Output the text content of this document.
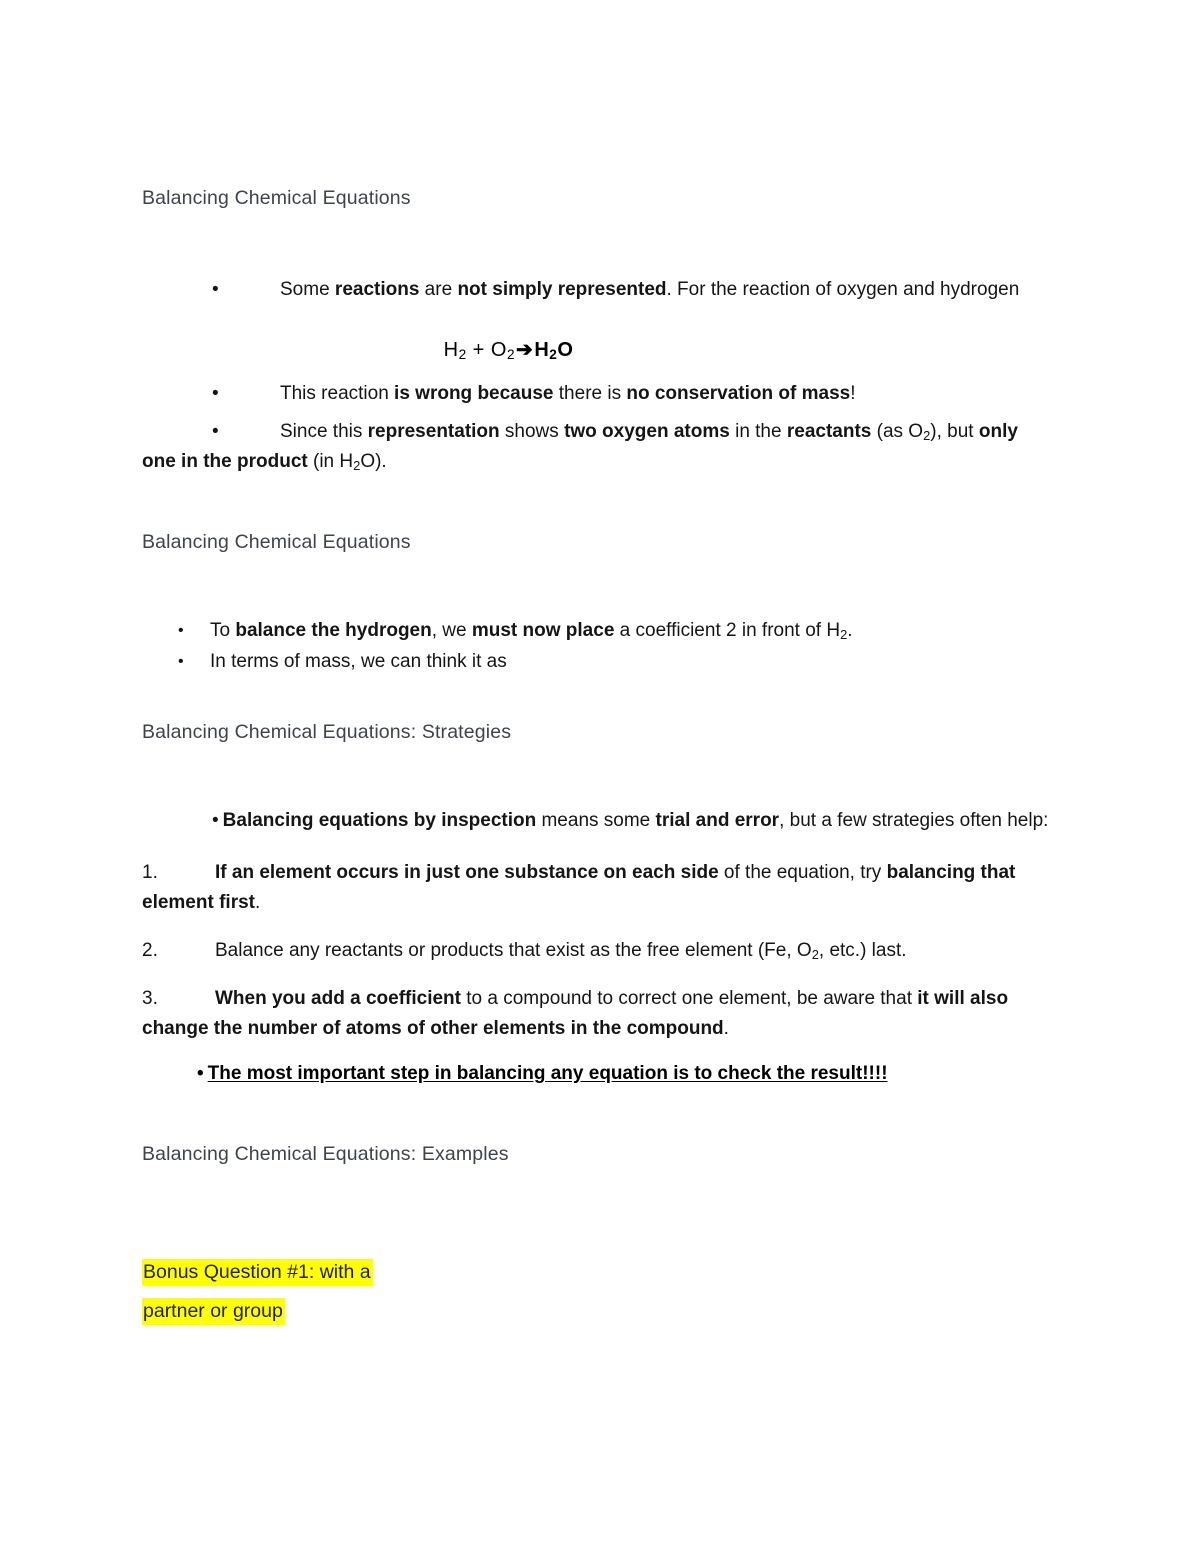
Balancing Chemical Equations

•	Some reactions are not simply represented. For the reaction of oxygen and hydrogen

$H_2$ + $O_2➔H_2O$

•	This reaction is wrong because there is no conservation of mass!

•	Since this representation shows two oxygen atoms in the reactants (as $O_2$), but only one in the product (in $H_2O$).

Balancing Chemical Equations

• To balance the hydrogen, we must now place a coefficient 2 in front of $H_2$.
• In terms of mass, we can think it as

Balancing Chemical Equations: Strategies

•Balancing equations by inspection means some trial and error, but a few strategies often help:

1.	If an element occurs in just one substance on each side of the equation, try balancing that element first.

2.	Balance any reactants or products that exist as the free element (Fe, $O_2$, etc.) last.

3.	When you add a coefficient to a compound to correct one element, be aware that it will also change the number of atoms of other elements in the compound.

•The most important step in balancing any equation is to check the result!!!!

Balancing Chemical Equations: Examples

Bonus Question #1: with a

partner or group
